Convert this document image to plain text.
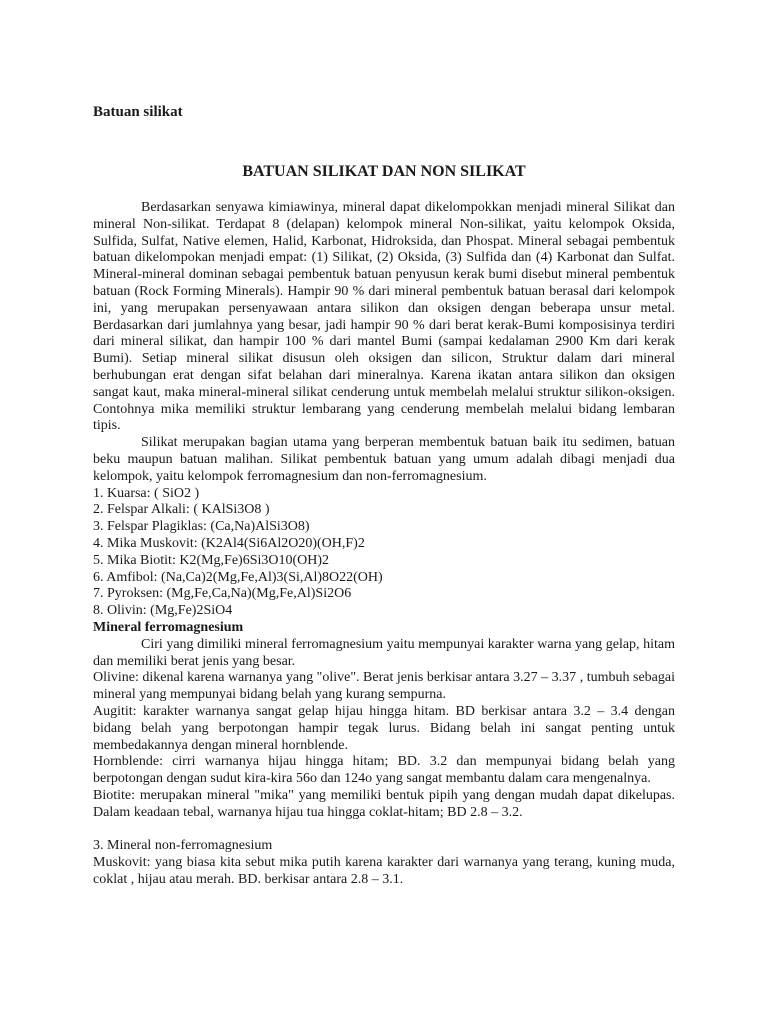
Batuan silikat
BATUAN SILIKAT DAN NON SILIKAT

Berdasarkan senyawa kimiawinya, mineral dapat dikelompokkan menjadi mineral Silikat dan mineral Non-silikat. Terdapat 8 (delapan) kelompok mineral Non-silikat, yaitu kelompok Oksida, Sulfida, Sulfat, Native elemen, Halid, Karbonat, Hidroksida, dan Phospat. Mineral sebagai pembentuk batuan dikelompokan menjadi empat: (1) Silikat, (2) Oksida, (3) Sulfida dan (4) Karbonat dan Sulfat. Mineral-mineral dominan sebagai pembentuk batuan penyusun kerak bumi disebut mineral pembentuk batuan (Rock Forming Minerals). Hampir 90 % dari mineral pembentuk batuan berasal dari kelompok ini, yang merupakan persenyawaan antara silikon dan oksigen dengan beberapa unsur metal. Berdasarkan dari jumlahnya yang besar, jadi hampir 90 % dari berat kerak-Bumi komposisinya terdiri dari mineral silikat, dan hampir 100 % dari mantel Bumi (sampai kedalaman 2900 Km dari kerak Bumi). Setiap mineral silikat disusun oleh oksigen dan silicon, Struktur dalam dari mineral berhubungan erat dengan sifat belahan dari mineralnya. Karena ikatan antara silikon dan oksigen sangat kaut, maka mineral-mineral silikat cenderung untuk membelah melalui struktur silikon-oksigen. Contohnya mika memiliki struktur lembarang yang cenderung membelah melalui bidang lembaran tipis.

Silikat merupakan bagian utama yang berperan membentuk batuan baik itu sedimen, batuan beku maupun batuan malihan. Silikat pembentuk batuan yang umum adalah dibagi menjadi dua kelompok, yaitu kelompok ferromagnesium dan non-ferromagnesium.

1. Kuarsa: ( SiO2 )
2. Felspar Alkali: ( KAlSi3O8 )
3. Felspar Plagiklas: (Ca,Na)AlSi3O8)
4. Mika Muskovit: (K2Al4(Si6Al2O20)(OH,F)2
5. Mika Biotit: K2(Mg,Fe)6Si3O10(OH)2
6. Amfibol: (Na,Ca)2(Mg,Fe,Al)3(Si,Al)8O22(OH)
7. Pyroksen: (Mg,Fe,Ca,Na)(Mg,Fe,Al)Si2O6
8. Olivin: (Mg,Fe)2SiO4
Mineral ferromagnesium

Ciri yang dimiliki mineral ferromagnesium yaitu mempunyai karakter warna yang gelap, hitam dan memiliki berat jenis yang besar.

Olivine: dikenal karena warnanya yang "olive". Berat jenis berkisar antara 3.27 – 3.37 , tumbuh sebagai mineral yang mempunyai bidang belah yang kurang sempurna.

Augitit: karakter warnanya sangat gelap hijau hingga hitam. BD berkisar antara 3.2 – 3.4 dengan bidang belah yang berpotongan hampir tegak lurus. Bidang belah ini sangat penting untuk membedakannya dengan mineral hornblende.

Hornblende: cirri warnanya hijau hingga hitam; BD. 3.2 dan mempunyai bidang belah yang berpotongan dengan sudut kira-kira 56o dan 124o yang sangat membantu dalam cara mengenalnya.

Biotite: merupakan mineral "mika" yang memiliki bentuk pipih yang dengan mudah dapat dikelupas. Dalam keadaan tebal, warnanya hijau tua hingga coklat-hitam; BD 2.8 – 3.2.

3. Mineral non-ferromagnesium

Muskovit: yang biasa kita sebut mika putih karena karakter dari warnanya yang terang, kuning muda, coklat , hijau atau merah. BD. berkisar antara 2.8 – 3.1.
